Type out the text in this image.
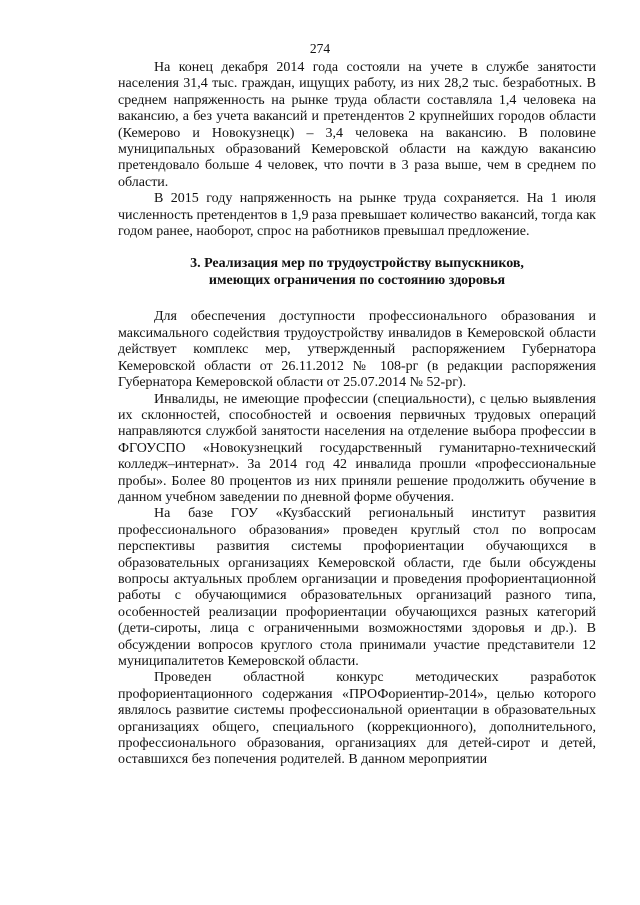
274

На конец декабря 2014 года состояли на учете в службе занятости населения 31,4 тыс. граждан, ищущих работу, из них 28,2 тыс. безработных. В среднем напряженность на рынке труда области составляла 1,4 человека на вакансию, а без учета вакансий и претендентов 2 крупнейших городов области (Кемерово и Новокузнецк) – 3,4 человека на вакансию. В половине муниципальных образований Кемеровской области на каждую вакансию претендовало больше 4 человек, что почти в 3 раза выше, чем в среднем по области.

В 2015 году напряженность на рынке труда сохраняется. На 1 июля численность претендентов в 1,9 раза превышает количество вакансий, тогда как годом ранее, наоборот, спрос на работников превышал предложение.

3. Реализация мер по трудоустройству выпускников,
имеющих ограничения по состоянию здоровья

Для обеспечения доступности профессионального образования и максимального содействия трудоустройству инвалидов в Кемеровской области действует комплекс мер, утвержденный распоряжением Губернатора Кемеровской области от 26.11.2012 № 108-рг (в редакции распоряжения Губернатора Кемеровской области от 25.07.2014 № 52-рг).

Инвалиды, не имеющие профессии (специальности), с целью выявления их склонностей, способностей и освоения первичных трудовых операций направляются службой занятости населения на отделение выбора профессии в ФГОУСПО «Новокузнецкий государственный гуманитарно-технический колледж–интернат». За 2014 год 42 инвалида прошли «профессиональные пробы». Более 80 процентов из них приняли решение продолжить обучение в данном учебном заведении по дневной форме обучения.

На базе ГОУ «Кузбасский региональный институт развития профессионального образования» проведен круглый стол по вопросам перспективы развития системы профориентации обучающихся в образовательных организациях Кемеровской области, где были обсуждены вопросы актуальных проблем организации и проведения профориентационной работы с обучающимися образовательных организаций разного типа, особенностей реализации профориентации обучающихся разных категорий (дети-сироты, лица с ограниченными возможностями здоровья и др.). В обсуждении вопросов круглого стола принимали участие представители 12 муниципалитетов Кемеровской области.

Проведен областной конкурс методических разработок профориентационного содержания «ПРОФориентир-2014», целью которого являлось развитие системы профессиональной ориентации в образовательных организациях общего, специального (коррекционного), дополнительного, профессионального образования, организациях для детей-сирот и детей, оставшихся без попечения родителей. В данном мероприятии
